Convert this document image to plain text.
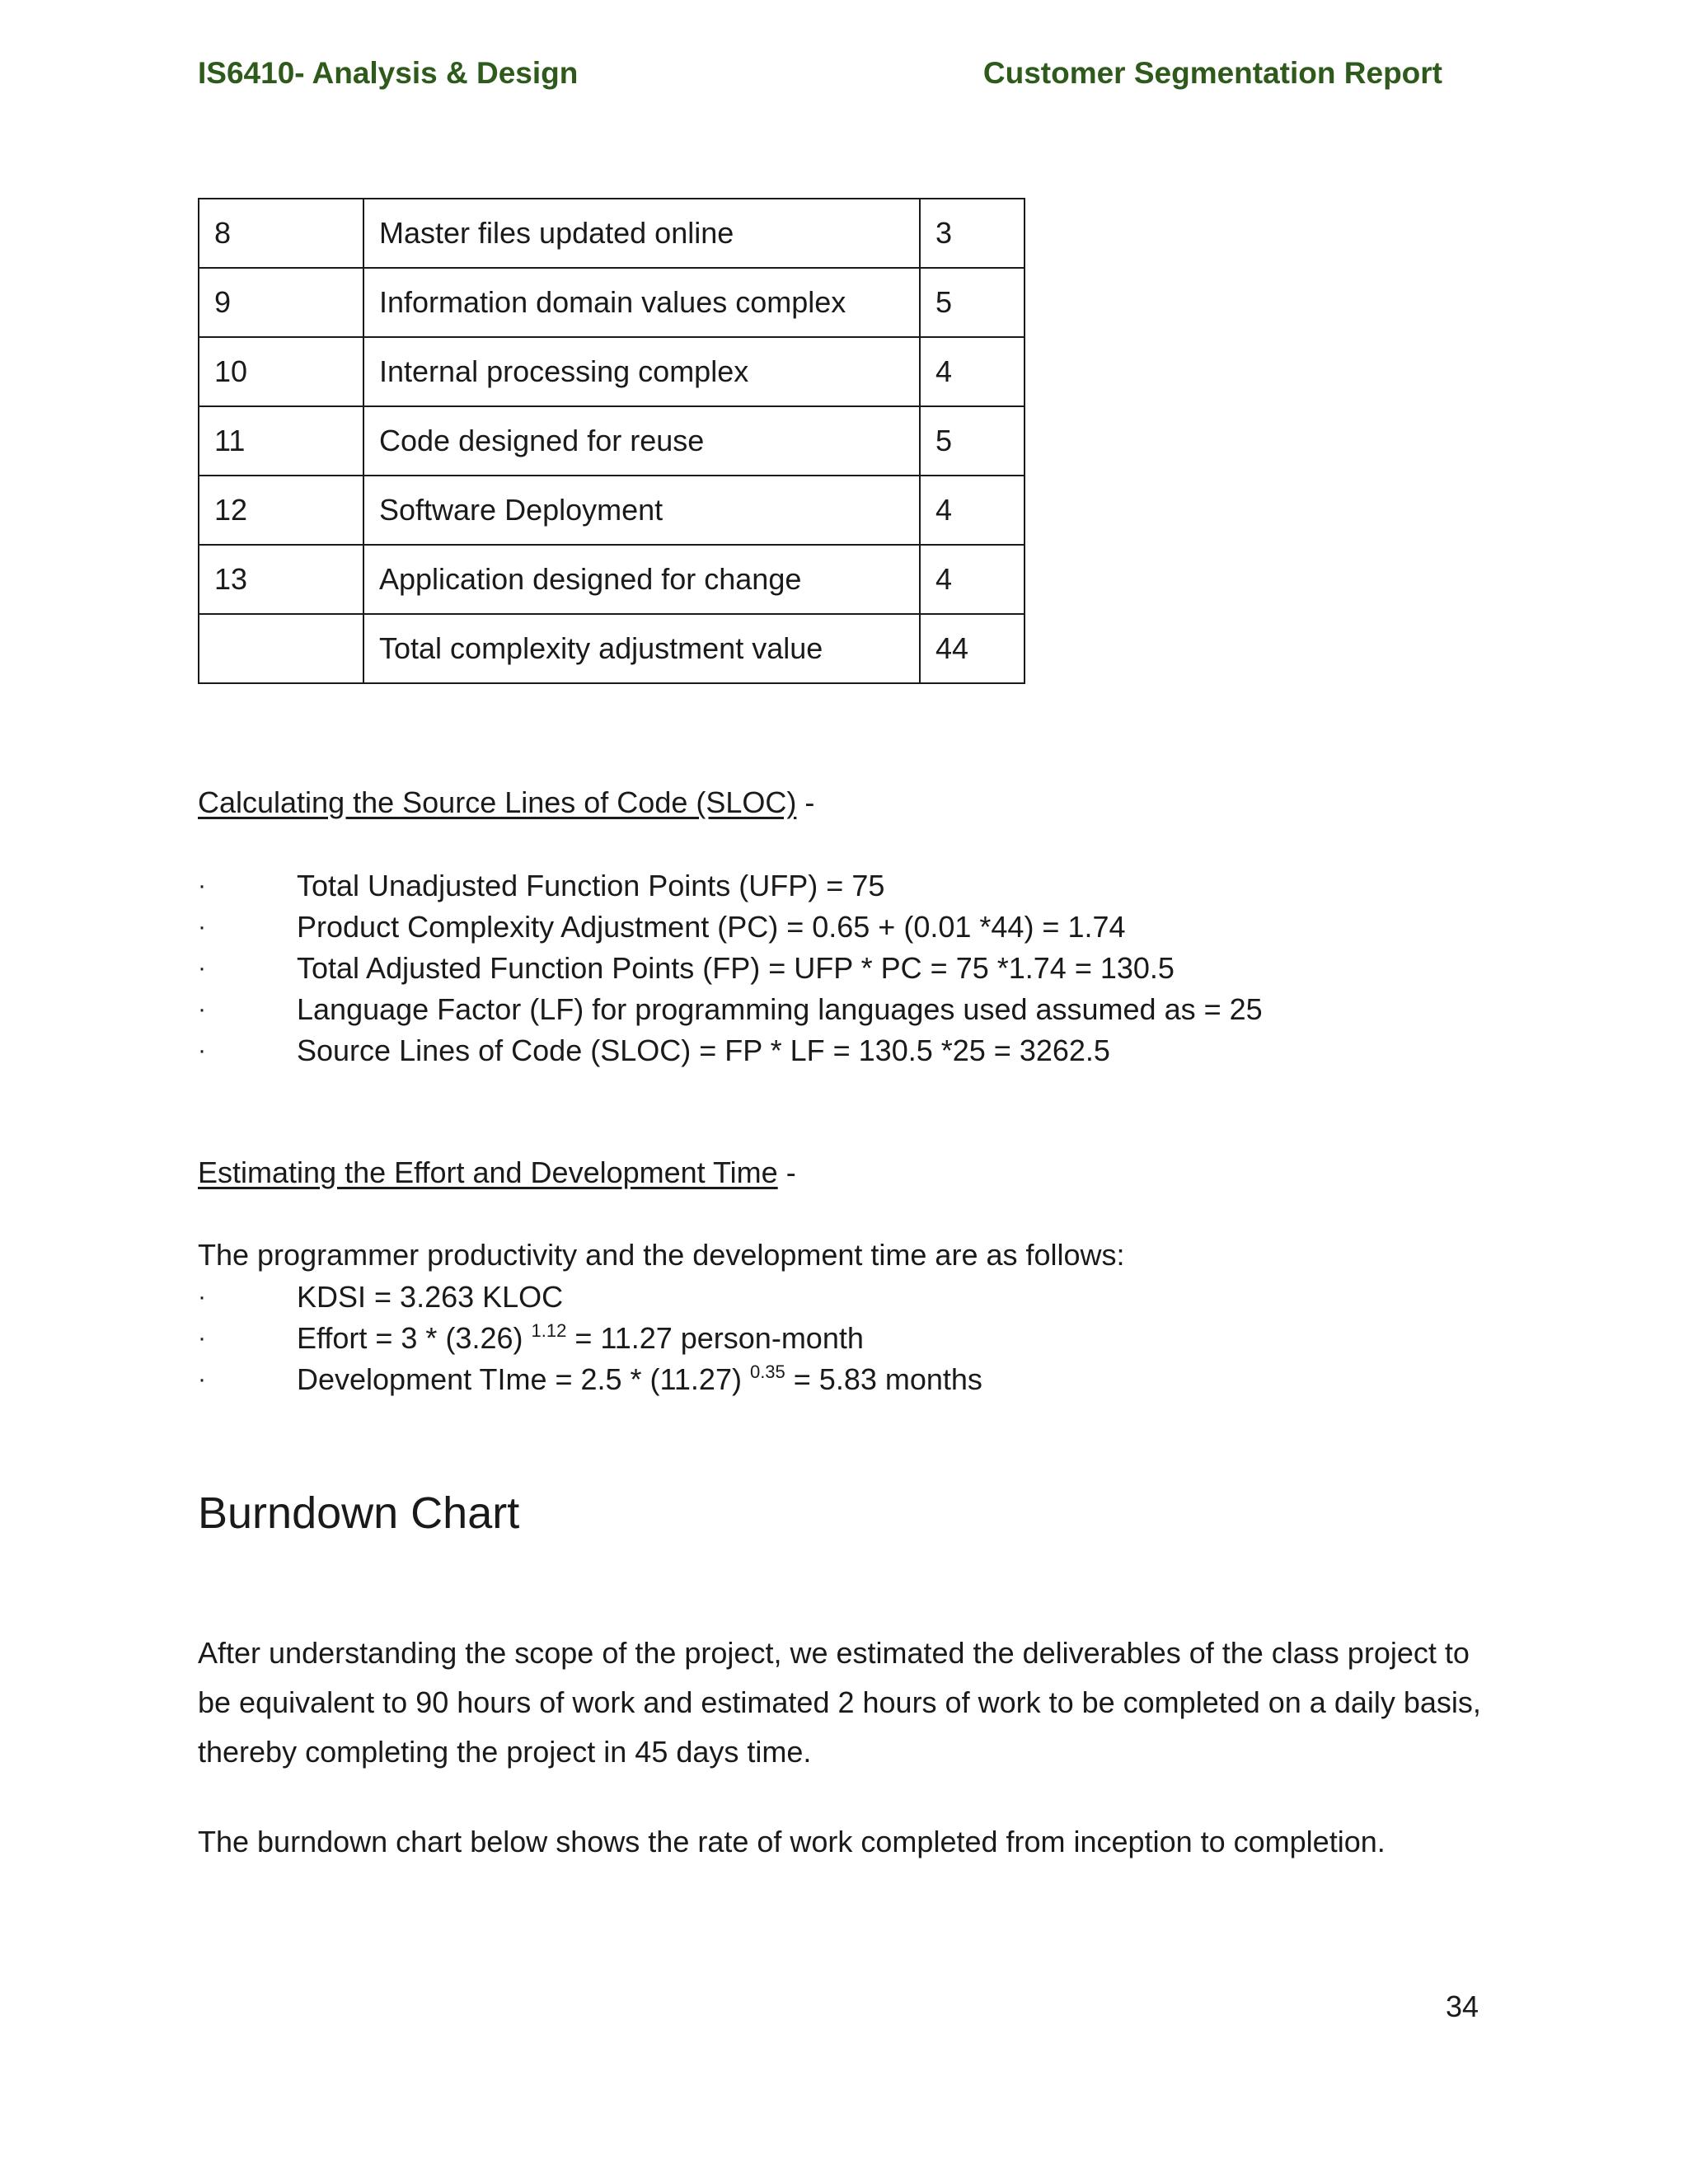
IS6410- Analysis & Design	Customer Segmentation Report
8	Master files updated online	3
9	Information domain values complex	5
10	Internal processing complex	4
11	Code designed for reuse	5
12	Software Deployment	4
13	Application designed for change	4
	Total complexity adjustment value	44
Calculating the Source Lines of Code (SLOC) -
·	Total Unadjusted Function Points (UFP) = 75
·	Product Complexity Adjustment (PC) = 0.65 + (0.01 *44) = 1.74
·	Total Adjusted Function Points (FP) = UFP * PC = 75 *1.74 = 130.5
·	Language Factor (LF) for programming languages used assumed as = 25
·	Source Lines of Code (SLOC) = FP * LF = 130.5 *25 = 3262.5
Estimating the Effort and Development Time -
The programmer productivity and the development time are as follows:
·	KDSI = 3.263 KLOC
·	Effort = 3 * (3.26) $^{1.12}$ = 11.27 person-month
·	Development TIme = 2.5 * (11.27) $^{0.35}$ = 5.83 months
Burndown Chart
After understanding the scope of the project, we estimated the deliverables of the class project to be equivalent to 90 hours of work and estimated 2 hours of work to be completed on a daily basis, thereby completing the project in 45 days time.
The burndown chart below shows the rate of work completed from inception to completion.
34
